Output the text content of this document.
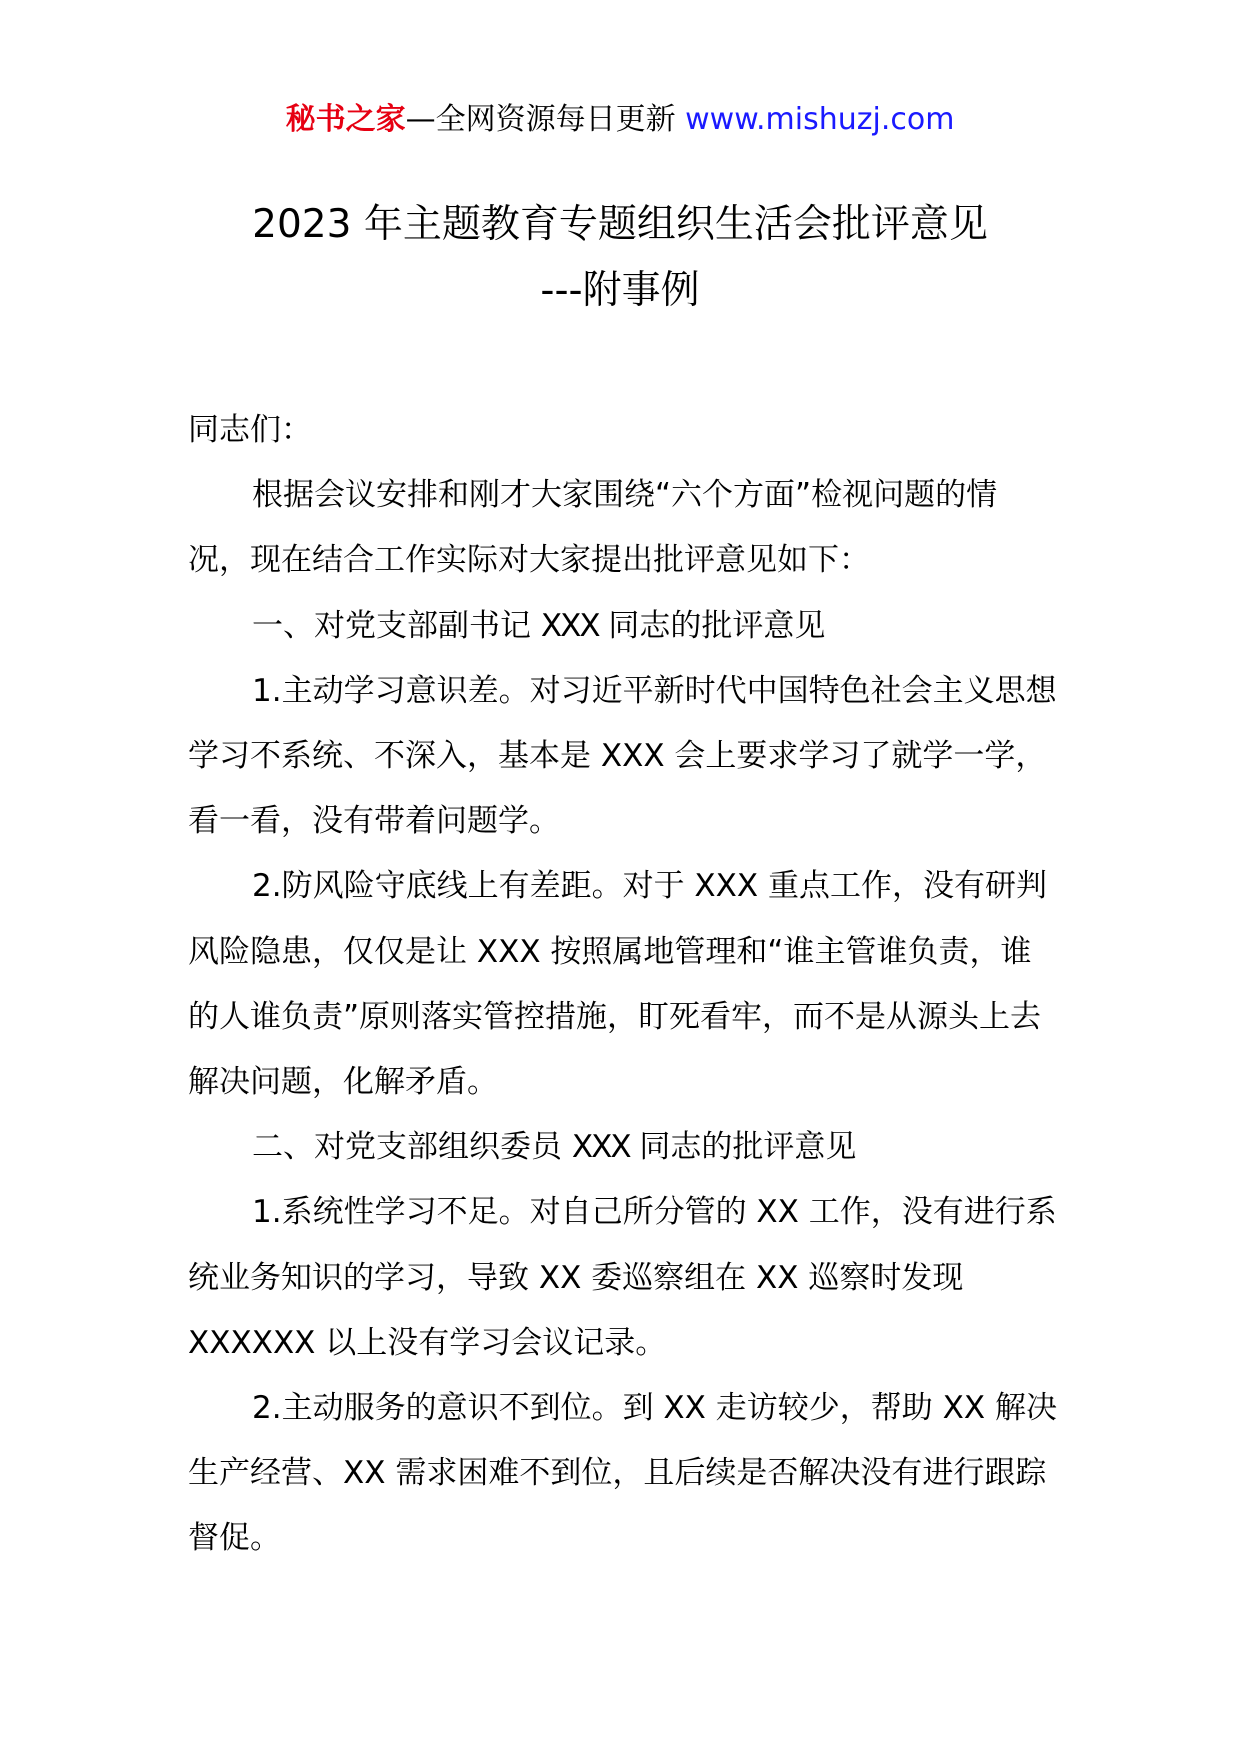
秘书之家—全网资源每日更新 www.mishuzj.com
2023 年主题教育专题组织生活会批评意见
---附事例

同志们：

根据会议安排和刚才大家围绕“六个方面”检视问题的情况，现在结合工作实际对大家提出批评意见如下：

一、对党支部副书记 XXX 同志的批评意见

1.主动学习意识差。对习近平新时代中国特色社会主义思想学习不系统、不深入，基本是 XXX 会上要求学习了就学一学，看一看，没有带着问题学。

2.防风险守底线上有差距。对于 XXX 重点工作，没有研判风险隐患，仅仅是让 XXX 按照属地管理和“谁主管谁负责，谁的人谁负责”原则落实管控措施，盯死看牢，而不是从源头上去解决问题，化解矛盾。

二、对党支部组织委员 XXX 同志的批评意见

1.系统性学习不足。对自己所分管的 XX 工作，没有进行系统业务知识的学习，导致 XX 委巡察组在 XX 巡察时发现 XXXXXX 以上没有学习会议记录。

2.主动服务的意识不到位。到 XX 走访较少，帮助 XX 解决生产经营、XX 需求困难不到位，且后续是否解决没有进行跟踪督促。
